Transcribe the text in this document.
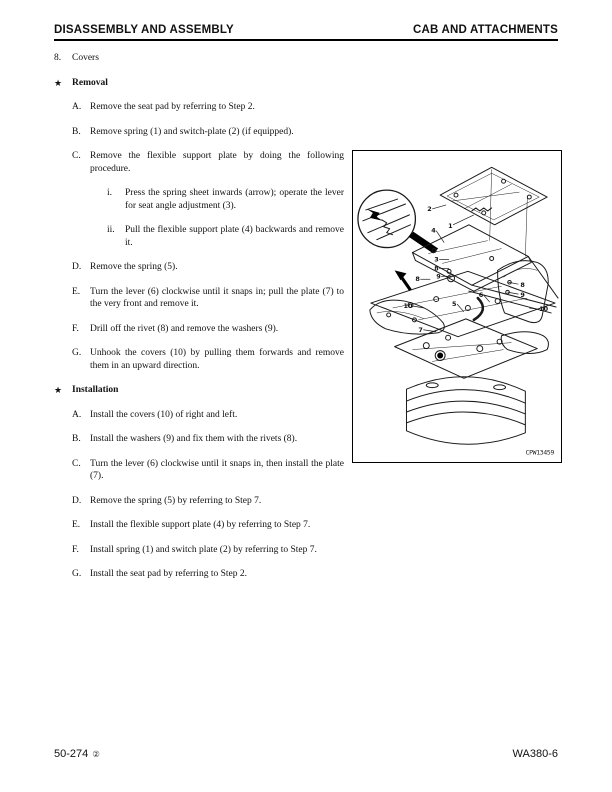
DISASSEMBLY AND ASSEMBLY	CAB AND ATTACHMENTS
8.	Covers
★	Removal
A. Remove the seat pad by referring to Step 2.
B. Remove spring (1) and switch-plate (2) (if equipped).
C. Remove the flexible support plate by doing the following procedure.
i.	Press the spring sheet inwards (arrow); operate the lever for seat angle adjustment (3).
ii.	Pull the flexible support plate (4) backwards and remove it.
D. Remove the spring (5).
E.	Turn the lever (6) clockwise until it snaps in; pull the plate (7) to the very front and remove it.
F.	Drill off the rivet (8) and remove the washers (9).
G. Unhook the covers (10) by pulling them forwards and remove them in an upward direction.
★	Installation
A. Install the covers (10) of right and left.
B. Install the washers (9) and fix them with the rivets (8).
C. Turn the lever (6) clockwise until it snaps in, then install the plate (7).
D. Remove the spring (5) by referring to Step 7.
E.	Install the flexible support plate (4) by referring to Step 7.
F.	Install spring (1) and switch plate (2) by referring to Step 7.
G. Install the seat pad by referring to Step 2.
2
1
4
3
8
9
8
10	5
7
6
8
9
10
CPW13459
50-274 ②	WA380-6
